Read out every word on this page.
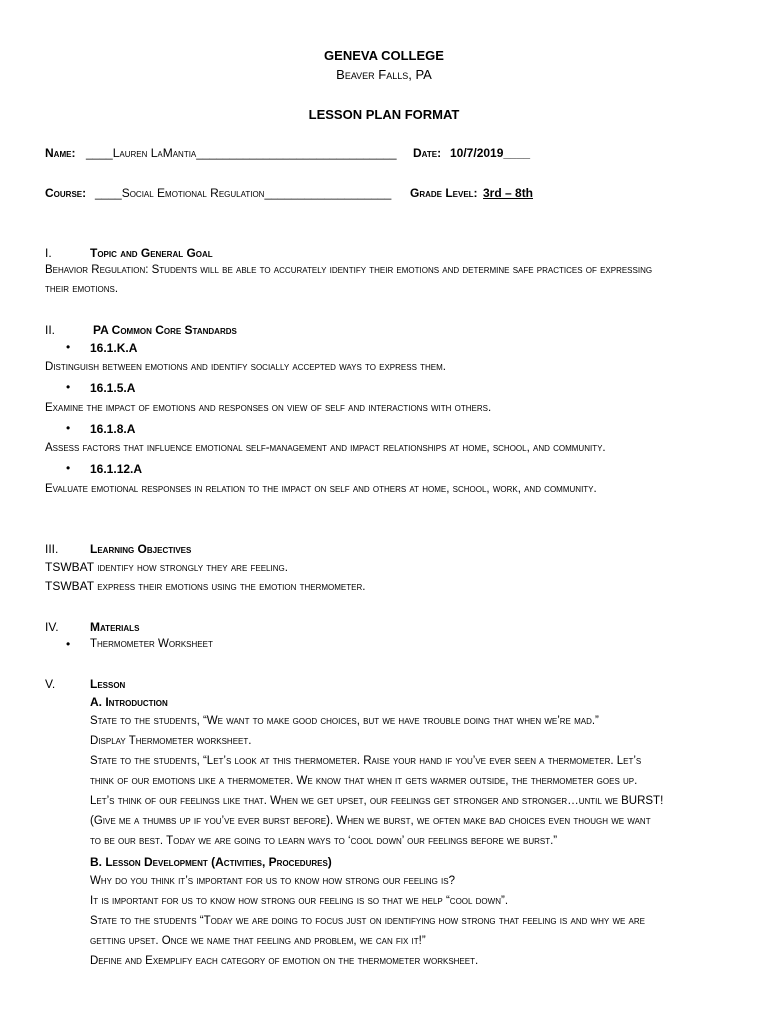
GENEVA COLLEGE
Beaver Falls, PA
LESSON PLAN FORMAT
Name: ____Lauren LaMantia______________________________ Date: 10/7/2019____
Course: ____Social Emotional Regulation___________________ Grade Level: 3rd – 8th
I.	Topic and General Goal
Behavior Regulation: Students will be able to accurately identify their emotions and determine safe practices of expressing
their emotions.
II.	PA Common Core Standards
• 16.1.K.A
Distinguish between emotions and identify socially accepted ways to express them.
• 16.1.5.A
Examine the impact of emotions and responses on view of self and interactions with others.
• 16.1.8.A
Assess factors that influence emotional self-management and impact relationships at home, school, and community.
• 16.1.12.A
Evaluate emotional responses in relation to the impact on self and others at home, school, work, and community.
III.	Learning Objectives
TSWBAT identify how strongly they are feeling.
TSWBAT express their emotions using the emotion thermometer.
IV.	Materials
• Thermometer Worksheet
V.	Lesson
A. Introduction
State to the students, “We want to make good choices, but we have trouble doing that when we’re mad.”
Display Thermometer worksheet.
State to the students, “Let’s look at this thermometer. Raise your hand if you’ve ever seen a thermometer. Let’s
think of our emotions like a thermometer. We know that when it gets warmer outside, the thermometer goes up.
Let’s think of our feelings like that. When we get upset, our feelings get stronger and stronger…until we BURST!
(Give me a thumbs up if you’ve ever burst before). When we burst, we often make bad choices even though we want
to be our best. Today we are going to learn ways to ‘cool down’ our feelings before we burst.”
B. Lesson Development (Activities, Procedures)
Why do you think it’s important for us to know how strong our feeling is?
It is important for us to know how strong our feeling is so that we help “cool down”.
State to the students “Today we are doing to focus just on identifying how strong that feeling is and why we are
getting upset. Once we name that feeling and problem, we can fix it!”
Define and Exemplify each category of emotion on the thermometer worksheet.
